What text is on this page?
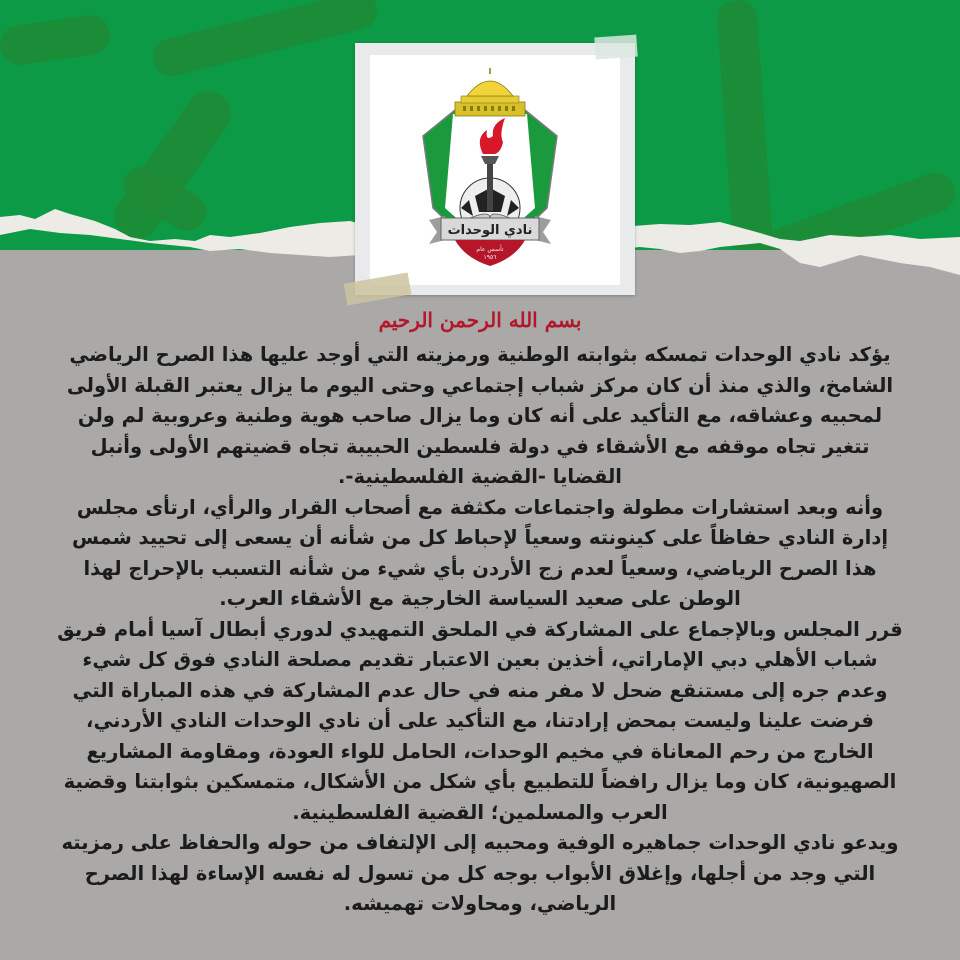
نادي الوحدات
تأسس عام
١٩٥٦
بسم الله الرحمن الرحيم

يؤكد نادي الوحدات تمسكه بثوابته الوطنية ورمزيته التي أوجد عليها هذا الصرح الرياضي الشامخ، والذي منذ أن كان مركز شباب إجتماعي وحتى اليوم ما يزال يعتبر القبلة الأولى لمحبيه وعشاقه، مع التأكيد على أنه كان وما يزال صاحب هوية وطنية وعروبية لم ولن تتغير تجاه موقفه مع الأشقاء في دولة فلسطين الحبيبة تجاه قضيتهم الأولى وأنبل القضايا -القضية الفلسطينية-.

وأنه وبعد استشارات مطولة واجتماعات مكثفة مع أصحاب القرار والرأي، ارتأى مجلس إدارة النادي حفاظاً على كينونته وسعياً لإحباط كل من شأنه أن يسعى إلى تحييد شمس هذا الصرح الرياضي، وسعياً لعدم زج الأردن بأي شيء من شأنه التسبب بالإحراج لهذا الوطن على صعيد السياسة الخارجية مع الأشقاء العرب.

قرر المجلس وبالإجماع على المشاركة في الملحق التمهيدي لدوري أبطال آسيا أمام فريق شباب الأهلي دبي الإماراتي، أخذين بعين الاعتبار تقديم مصلحة النادي فوق كل شيء وعدم جره إلى مستنقع ضحل لا مفر منه في حال عدم المشاركة في هذه المباراة التي فرضت علينا وليست بمحض إرادتنا، مع التأكيد على أن نادي الوحدات النادي الأردني، الخارج من رحم المعاناة في مخيم الوحدات، الحامل للواء العودة، ومقاومة المشاريع الصهيونية، كان وما يزال رافضاً للتطبيع بأي شكل من الأشكال، متمسكين بثوابتنا وقضية العرب والمسلمين؛ القضية الفلسطينية.

ويدعو نادي الوحدات جماهيره الوفية ومحبيه إلى الإلتفاف من حوله والحفاظ على رمزيته التي وجد من أجلها، وإغلاق الأبواب بوجه كل من تسول له نفسه الإساءة لهذا الصرح الرياضي، ومحاولات تهميشه.
